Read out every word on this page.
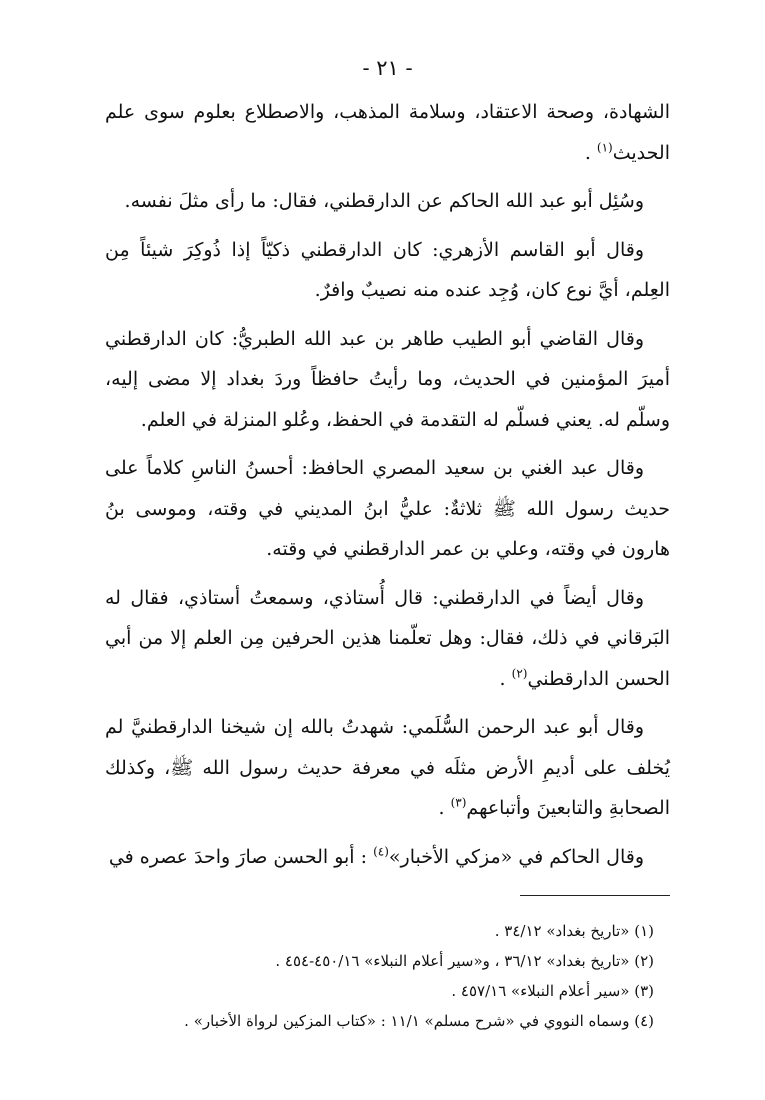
- ٢١ -

الشهادة، وصحة الاعتقاد، وسلامة المذهب، والاصطلاع بعلوم سوى علم الحديث$^{(١)}$ .

وسُئِل أبو عبد الله الحاكم عن الدارقطني، فقال: ما رأى مثلَ نفسه.

وقال أبو القاسم الأزهري: كان الدارقطني ذكيّاً إذا ذُوكِرَ شيئاً مِن العِلم، أيَّ نوع كان، وُجِد عنده منه نصيبٌ وافرٌ.

وقال القاضي أبو الطيب طاهر بن عبد الله الطبريُّ: كان الدارقطني أميرَ المؤمنين في الحديث، وما رأيتُ حافظاً وردَ بغداد إلا مضى إليه، وسلّم له. يعني فسلّم له التقدمة في الحفظ، وعُلو المنزلة في العلم.

وقال عبد الغني بن سعيد المصري الحافظ: أحسنُ الناسِ كلاماً على حديث رسول الله ﷺ ثلاثةٌ: عليُّ ابنُ المديني في وقته، وموسى بنُ هارون في وقته، وعلي بن عمر الدارقطني في وقته.

وقال أيضاً في الدارقطني: قال أُستاذي، وسمعتُ أستاذي، فقال له البَرقاني في ذلك، فقال: وهل تعلّمنا هذين الحرفين مِن العلم إلا من أبي الحسن الدارقطني$^{(٢)}$ .

وقال أبو عبد الرحمن السُّلَمي: شهدتُ بالله إن شيخنا الدارقطنيَّ لم يُخلف على أديمِ الأرض مثلَه في معرفة حديث رسول الله ﷺ، وكذلك الصحابةِ والتابعينَ وأتباعهم$^{(٣)}$ .

وقال الحاكم في «مزكي الأخبار»$^{(٤)}$ : أبو الحسن صارَ واحدَ عصره في

(١) «تاريخ بغداد» ٣٤/١٢ .

(٢) «تاريخ بغداد» ٣٦/١٢ ، و«سير أعلام النبلاء» ٤٥٠/١٦-٤٥٤ .

(٣) «سير أعلام النبلاء» ٤٥٧/١٦ .

(٤) وسماه النووي في «شرح مسلم» ١١/١ : «كتاب المزكين لرواة الأخبار» .
